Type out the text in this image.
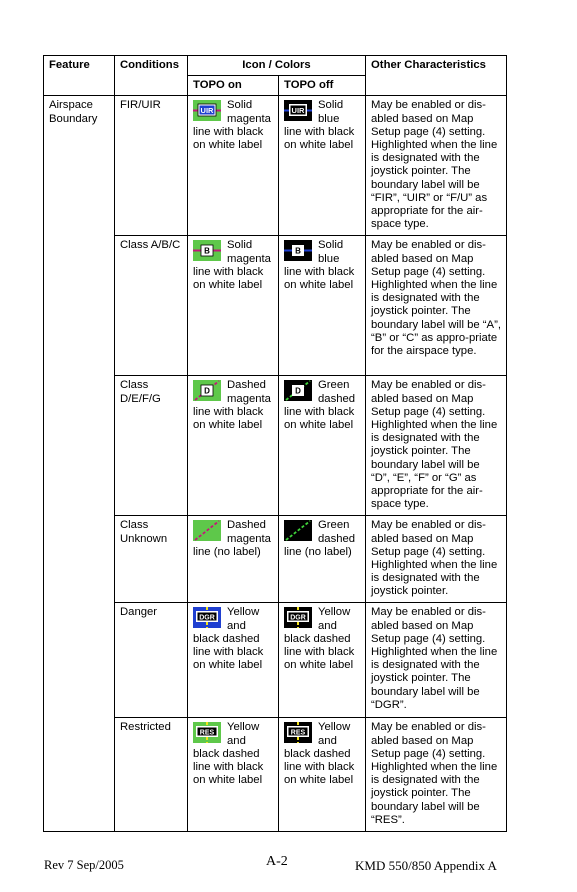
Feature	Conditions	Icon / Colors		Other Characteristics
		TOPO on	TOPO off	
Airspace Boundary	FIR/UIR	UIR Solid magenta line with black on white label	UIR Solid blue line with black on white label	May be enabled or dis-abled based on Map Setup page (4) setting. Highlighted when the line is designated with the joystick pointer. The boundary label will be “FIR”, “UIR” or “F/U” as appropriate for the air-space type.
	Class A/B/C	B Solid magenta line with black on white label	B Solid blue line with black on white label	May be enabled or dis-abled based on Map Setup page (4) setting. Highlighted when the line is designated with the joystick pointer. The boundary label will be “A”, “B” or “C” as appro-priate for the airspace type.
	Class D/E/F/G	D Dashed magenta line with black on white label	D Green dashed line with black on white label	May be enabled or dis-abled based on Map Setup page (4) setting. Highlighted when the line is designated with the joystick pointer. The boundary label will be “D”, “E”, “F” or “G” as appropriate for the air-space type.
	Class Unknown	Dashed magenta line (no label)	Green dashed line (no label)	May be enabled or dis-abled based on Map Setup page (4) setting. Highlighted when the line is designated with the joystick pointer.
	Danger	DGR Yellow and black dashed line with black on white label	DGR Yellow and black dashed line with black on white label	May be enabled or dis-abled based on Map Setup page (4) setting. Highlighted when the line is designated with the joystick pointer. The boundary label will be “DGR”.
	Restricted	RES Yellow and black dashed line with black on white label	RES Yellow and black dashed line with black on white label	May be enabled or dis-abled based on Map Setup page (4) setting. Highlighted when the line is designated with the joystick pointer. The boundary label will be “RES”.
Rev 7 Sep/2005	A-2	KMD 550/850 Appendix A
